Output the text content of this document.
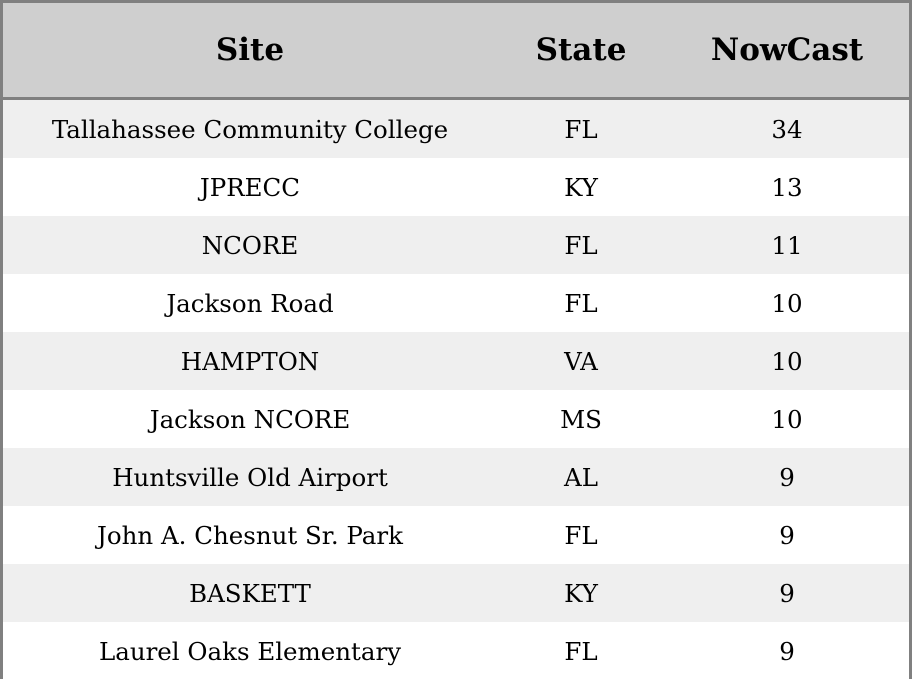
Site	State	NowCast

Tallahassee Community College	FL	34
JPRECC	KY	13
NCORE	FL	11
Jackson Road	FL	10
HAMPTON	VA	10
Jackson NCORE	MS	10
Huntsville Old Airport	AL	9
John A. Chesnut Sr. Park	FL	9
BASKETT	KY	9
Laurel Oaks Elementary	FL	9
